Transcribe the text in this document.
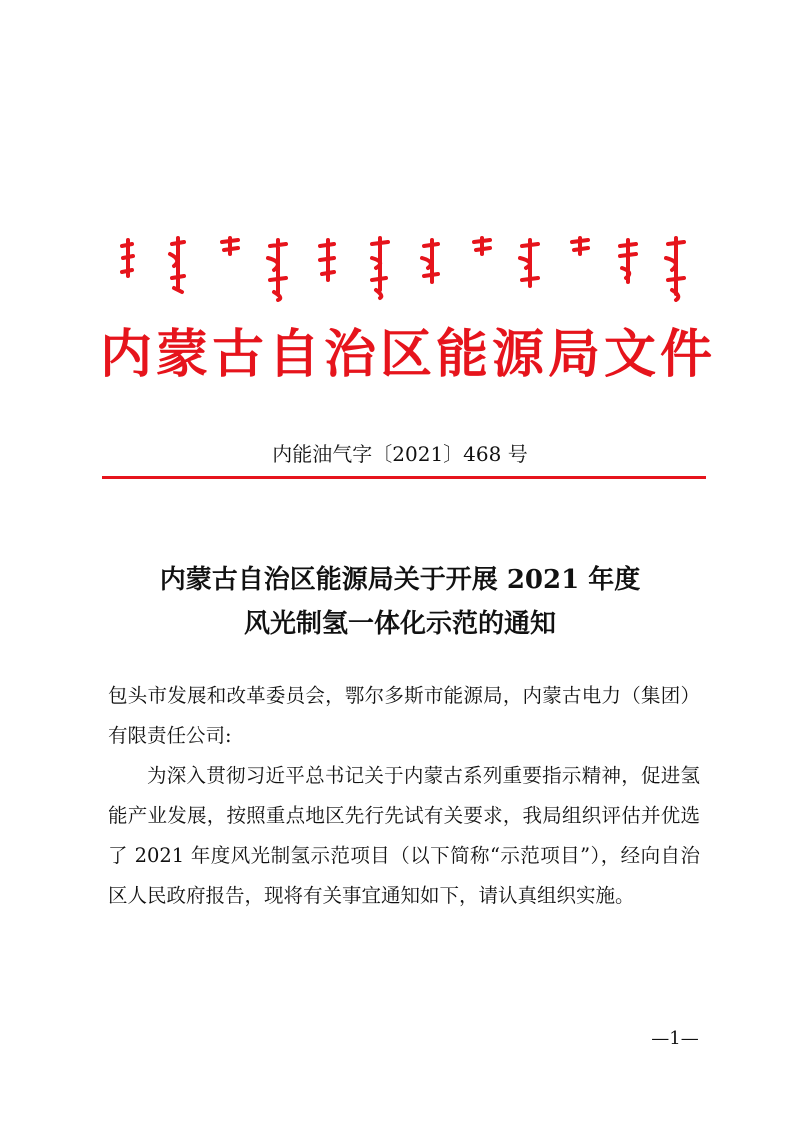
内蒙古自治区能源局文件
内能油气字〔2021〕468 号
内蒙古自治区能源局关于开展 2021 年度
风光制氢一体化示范的通知

包头市发展和改革委员会，鄂尔多斯市能源局，内蒙古电力（集团）有限责任公司:

为深入贯彻习近平总书记关于内蒙古系列重要指示精神，促进氢能产业发展，按照重点地区先行先试有关要求，我局组织评估并优选了 2021 年度风光制氢示范项目（以下简称“示范项目”），经向自治区人民政府报告，现将有关事宜通知如下，请认真组织实施。

—1—
